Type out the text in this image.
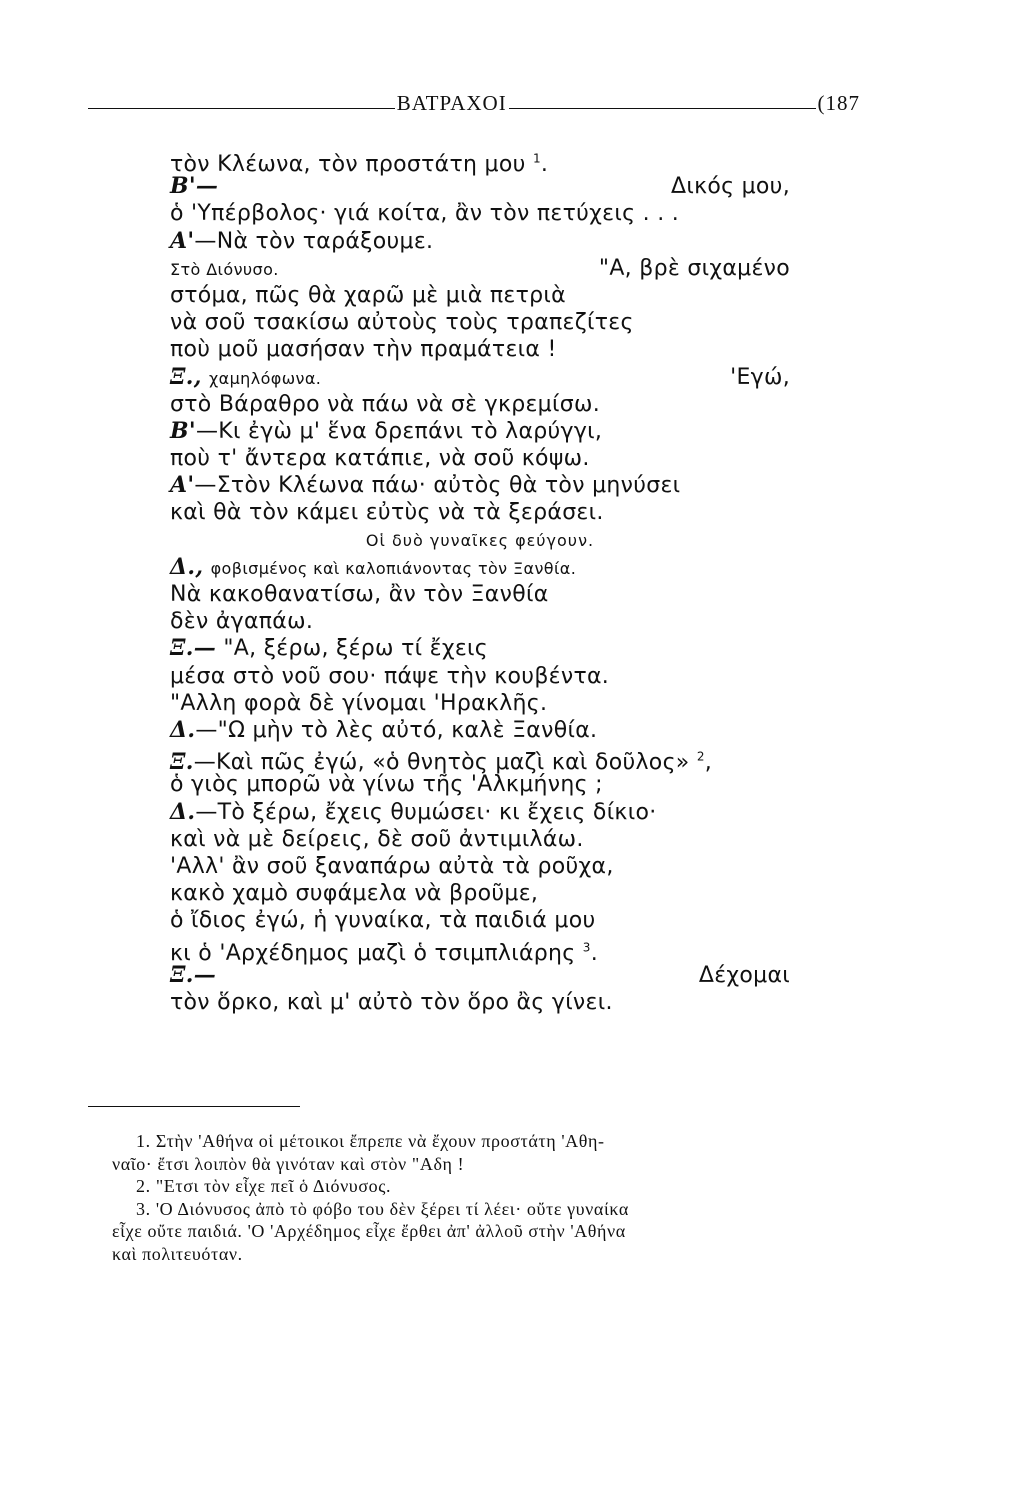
ΒΑΤΡΑΧΟΙ	(187
τὸν Κλέωνα, τὸν προστάτη μου $^1$.
Β'—	Δικός μου,
ὁ 'Υπέρβολος· γιά κοίτα, ἂν τὸν πετύχεις . . .
Α'—Νὰ τὸν ταράξουμε.
Στὸ Διόνυσο.	"Α, βρὲ σιχαμένο
στόμα, πῶς θὰ χαρῶ μὲ μιὰ πετριὰ
νὰ σοῦ τσακίσω αὐτοὺς τοὺς τραπεζίτες
ποὺ μοῦ μασήσαν τὴν πραμάτεια !
Ξ., χαμηλόφωνα.	'Εγώ,
στὸ Βάραθρο νὰ πάω νὰ σὲ γκρεμίσω.
Β'—Κι ἐγὼ μ' ἕνα δρεπάνι τὸ λαρύγγι,
ποὺ τ' ἄντερα κατάπιε, νὰ σοῦ κόψω.
Α'—Στὸν Κλέωνα πάω· αὐτὸς θὰ τὸν μηνύσει
καὶ θὰ τὸν κάμει εὐτὺς νὰ τὰ ξεράσει.
Οἱ δυὸ γυναῖκες φεύγουν.
Δ., φοβισμένος καὶ καλοπιάνοντας τὸν Ξανθία.
Νὰ κακοθανατίσω, ἂν τὸν Ξανθία
δὲν ἀγαπάω.
Ξ.— "Α, ξέρω, ξέρω τί ἔχεις
μέσα στὸ νοῦ σου· πάψε τὴν κουβέντα.
"Αλλη φορὰ δὲ γίνομαι 'Ηρακλῆς.
Δ.—"Ω μὴν τὸ λὲς αὐτό, καλὲ Ξανθία.
Ξ.—Καὶ πῶς ἐγώ, «ὁ θνητὸς μαζὶ καὶ δοῦλος» $^2$,
ὁ γιὸς μπορῶ νὰ γίνω τῆς 'Αλκμήνης ;
Δ.—Τὸ ξέρω, ἔχεις θυμώσει· κι ἔχεις δίκιο·
καὶ νὰ μὲ δείρεις, δὲ σοῦ ἀντιμιλάω.
'Αλλ' ἂν σοῦ ξαναπάρω αὐτὰ τὰ ροῦχα,
κακὸ χαμὸ συφάμελα νὰ βροῦμε,
ὁ ἴδιος ἐγώ, ἡ γυναίκα, τὰ παιδιά μου
κι ὁ 'Αρχέδημος μαζὶ ὁ τσιμπλιάρης $^3$.
Ξ.—	Δέχομαι
τὸν ὅρκο, καὶ μ' αὐτὸ τὸν ὅρο ἂς γίνει.
1. Στὴν 'Αθήνα οἱ μέτοικοι ἔπρεπε νὰ ἔχουν προστάτη 'Αθη-
ναῖο· ἔτσι λοιπὸν θὰ γινόταν καὶ στὸν "Αδη !
2. "Ετσι τὸν εἶχε πεῖ ὁ Διόνυσος.
3. 'Ο Διόνυσος ἀπὸ τὸ φόβο του δὲν ξέρει τί λέει· οὔτε γυναίκα
εἶχε οὔτε παιδιά. 'Ο 'Αρχέδημος εἶχε ἔρθει ἀπ' ἀλλοῦ στὴν 'Αθήνα
καὶ πολιτευόταν.
